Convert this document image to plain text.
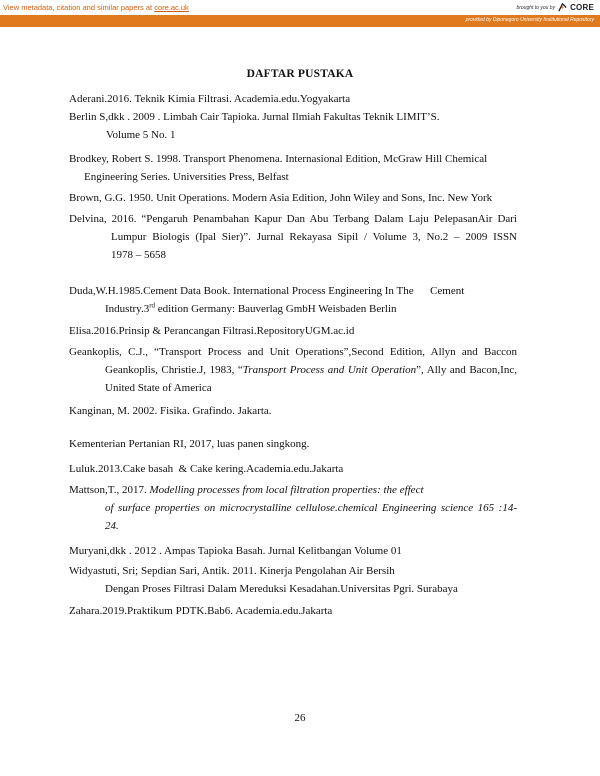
View metadata, citation and similar papers at core.ac.uk	brought to you by CORE
provided by Diponegoro University Institutional Repository
DAFTAR PUSTAKA
Aderani.2016. Teknik Kimia Filtrasi. Academia.edu.Yogyakarta
Berlin S,dkk . 2009 . Limbah Cair Tapioka. Jurnal Ilmiah Fakultas Teknik LIMIT’S.
Volume 5 No. 1
Brodkey, Robert S. 1998. Transport Phenomena. Internasional Edition, McGraw Hill Chemical
Engineering Series. Universities Press, Belfast
Brown, G.G. 1950. Unit Operations. Modern Asia Edition, John Wiley and Sons, Inc. New York
Delvina, 2016. “Pengaruh Penambahan Kapur Dan Abu Terbang Dalam Laju PelepasanAir Dari
Lumpur Biologis (Ipal Sier)”. Jurnal Rekayasa Sipil / Volume 3, No.2 – 2009 ISSN
1978 – 5658
Duda,W.H.1985.Cement Data Book. International Process Engineering In The      Cement
Industry.3rd edition Germany: Bauverlag GmbH Weisbaden Berlin
Elisa.2016.Prinsip & Perancangan Filtrasi.RepositoryUGM.ac.id
Geankoplis, C.J., “Transport Process and Unit Operations”,Second Edition, Allyn and Baccon
Geankoplis, Christie.J, 1983, “Transport Process and Unit Operation”, Ally and Bacon,Inc,
United State of America
Kanginan, M. 2002. Fisika. Grafindo. Jakarta.
Kementerian Pertanian RI, 2017, luas panen singkong.
Luluk.2013.Cake basah  & Cake kering.Academia.edu.Jakarta
Mattson,T., 2017. Modelling processes from local filtration properties: the effect
of surface properties on microcrystalline cellulose.chemical Engineering science 165 :14-
24.
Muryani,dkk . 2012 . Ampas Tapioka Basah. Jurnal Kelitbangan Volume 01
Widyastuti, Sri; Sepdian Sari, Antik. 2011. Kinerja Pengolahan Air Bersih
Dengan Proses Filtrasi Dalam Mereduksi Kesadahan.Universitas Pgri. Surabaya
Zahara.2019.Praktikum PDTK.Bab6. Academia.edu.Jakarta
26
